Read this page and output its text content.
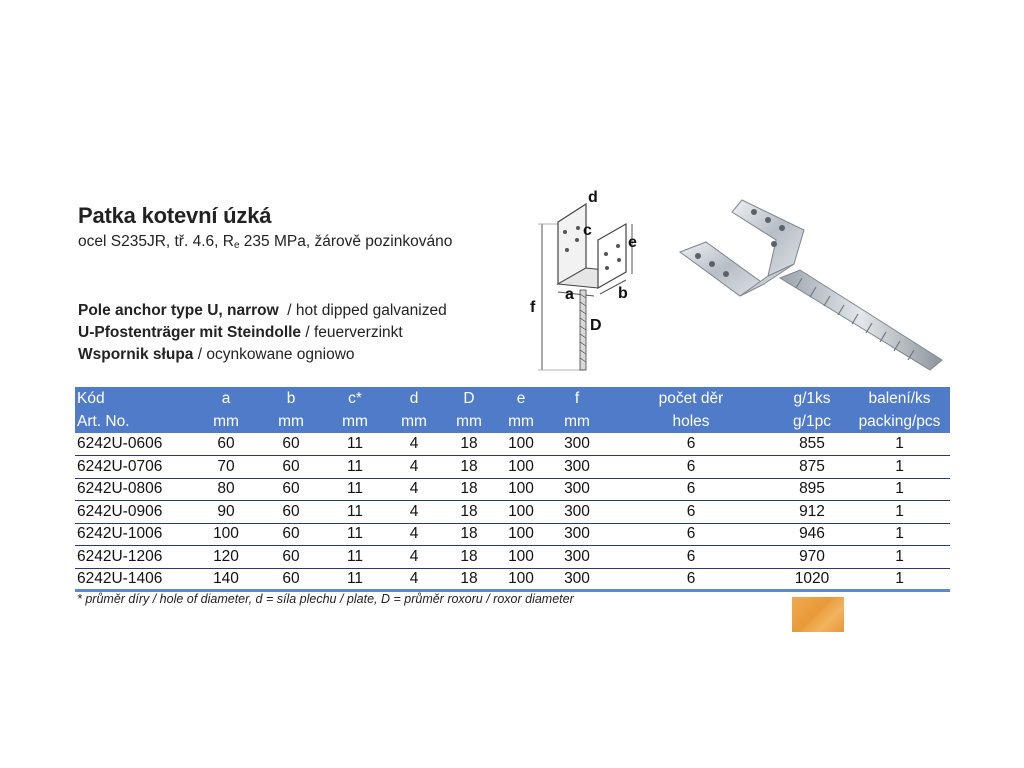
Patka kotevní úzká
ocel S235JR, tř. 4.6, $R_e$ 235 MPa, žárově pozinkováno
Pole anchor type U, narrow  / hot dipped galvanized
U-Pfostenträger mit Steindolle / feuerverzinkt
Wspornik słupa / ocynkowane ogniowo
d
c
e
a	b
f
D
Kód	a	b	c*	d	D	e	f	počet děr	g/1ks	balení/ks
Art. No.	mm	mm	mm	mm	mm	mm	mm	holes	g/1pc	packing/pcs
6242U-0606	60	60	11	4	18	100	300	6	855	1
6242U-0706	70	60	11	4	18	100	300	6	875	1
6242U-0806	80	60	11	4	18	100	300	6	895	1
6242U-0906	90	60	11	4	18	100	300	6	912	1
6242U-1006	100	60	11	4	18	100	300	6	946	1
6242U-1206	120	60	11	4	18	100	300	6	970	1
6242U-1406	140	60	11	4	18	100	300	6	1020	1
* průměr díry / hole of diameter, d = síla plechu / plate, D = průměr roxoru / roxor diameter
